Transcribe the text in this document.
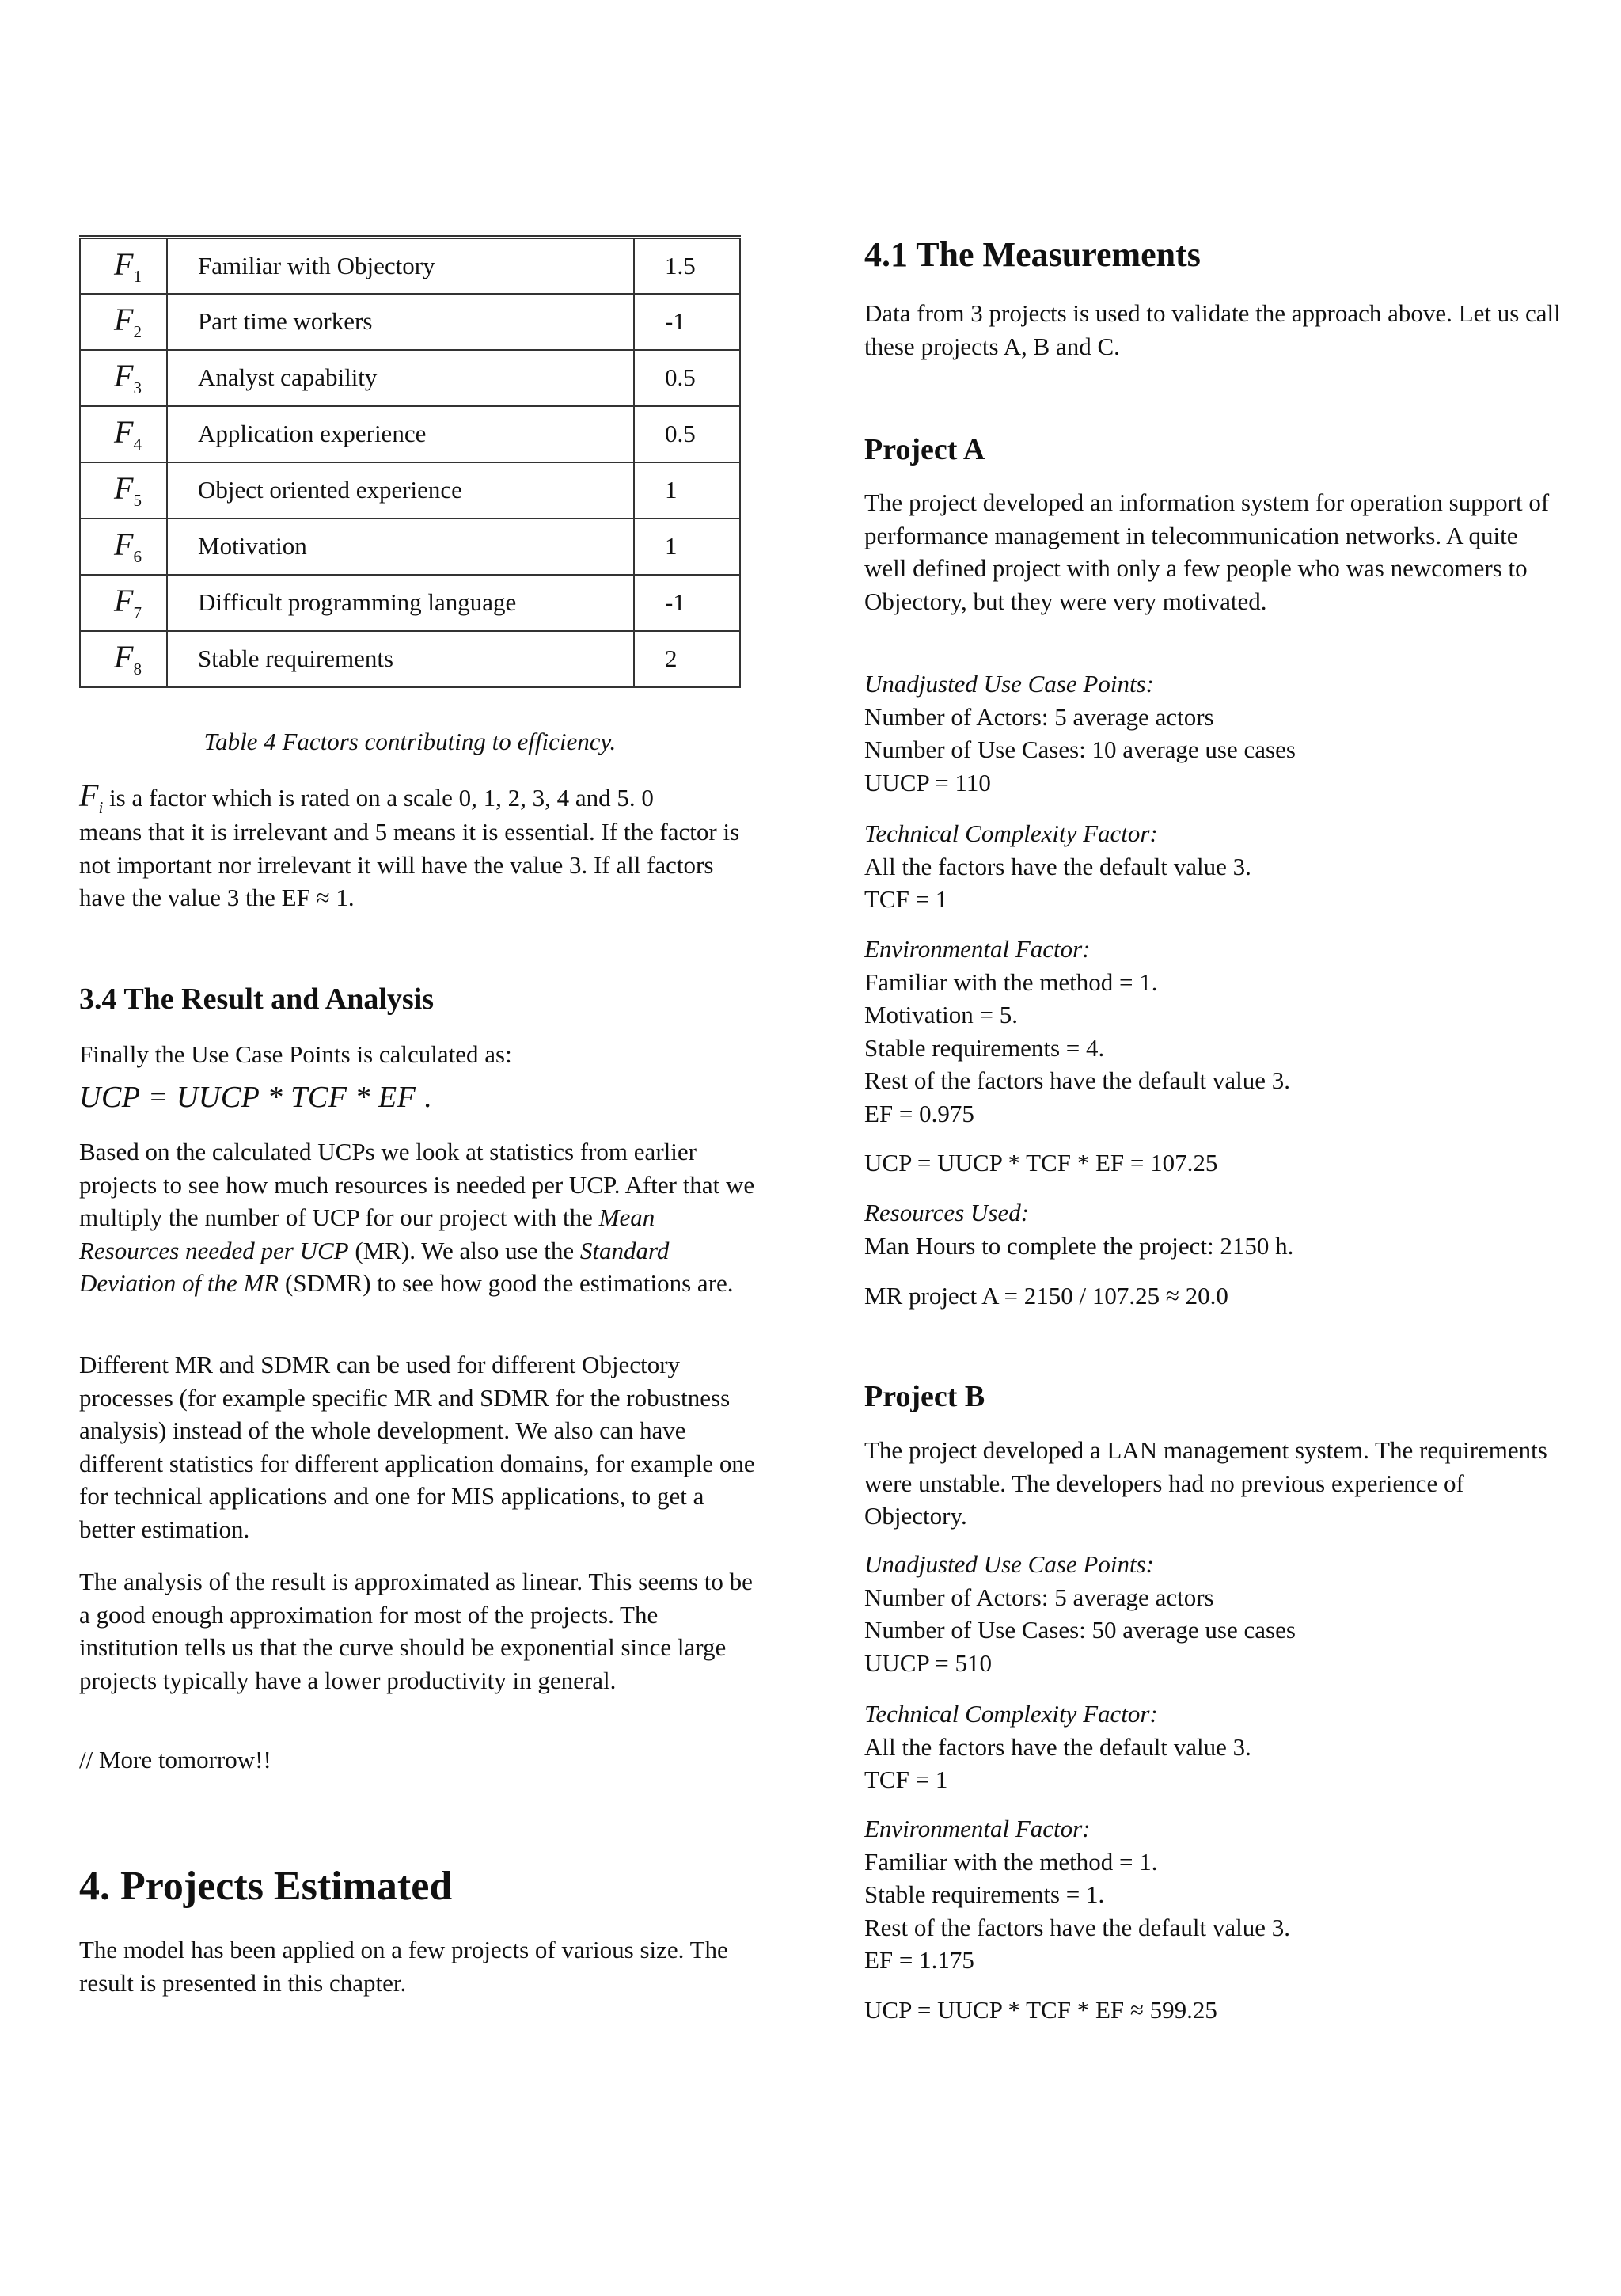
$F_1$	Familiar with Objectory	1.5
$F_2$	Part time workers	-1
$F_3$	Analyst capability	0.5
$F_4$	Application experience	0.5
$F_5$	Object oriented experience	1
$F_6$	Motivation	1
$F_7$	Difficult programming language	-1
$F_8$	Stable requirements	2
Table 4 Factors contributing to efficiency.

$F_i$ is a factor which is rated on a scale 0, 1, 2, 3, 4 and 5. 0

means that it is irrelevant and 5 means it is essential. If the factor is not important nor irrelevant it will have the value 3. If all factors have the value 3 the EF ≈ 1.

3.4 The Result and Analysis

Finally the Use Case Points is calculated as:

UCP = UUCP * TCF * EF .

Based on the calculated UCPs we look at statistics from earlier projects to see how much resources is needed per UCP. After that we multiply the number of UCP for our project with the Mean Resources needed per UCP (MR). We also use the Standard Deviation of the MR (SDMR) to see how good the estimations are.

Different MR and SDMR can be used for different Objectory processes (for example specific MR and SDMR for the robustness analysis) instead of the whole development. We also can have different statistics for different application domains, for example one for technical applications and one for MIS applications, to get a better estimation.

The analysis of the result is approximated as linear. This seems to be a good enough approximation for most of the projects. The institution tells us that the curve should be exponential since large projects typically have a lower productivity in general.

// More tomorrow!!

4. Projects Estimated

The model has been applied on a few projects of various size. The result is presented in this chapter.

4.1 The Measurements

Data from 3 projects is used to validate the approach above. Let us call these projects A, B and C.

Project A

The project developed an information system for operation support of performance management in telecommunication networks. A quite well defined project with only a few people who was newcomers to Objectory, but they were very motivated.

Unadjusted Use Case Points:

Number of Actors: 5 average actors

Number of Use Cases: 10 average use cases

UUCP = 110

Technical Complexity Factor:

All the factors have the default value 3.

TCF = 1

Environmental Factor:

Familiar with the method = 1.

Motivation = 5.

Stable requirements = 4.

Rest of the factors have the default value 3.

EF = 0.975

UCP = UUCP * TCF * EF = 107.25

Resources Used:

Man Hours to complete the project: 2150 h.

MR project A = 2150 / 107.25 ≈ 20.0

Project B

The project developed a LAN management system. The requirements were unstable. The developers had no previous experience of Objectory.

Unadjusted Use Case Points:

Number of Actors: 5 average actors

Number of Use Cases: 50 average use cases

UUCP = 510

Technical Complexity Factor:

All the factors have the default value 3.

TCF = 1

Environmental Factor:

Familiar with the method = 1.

Stable requirements = 1.

Rest of the factors have the default value 3.

EF = 1.175

UCP = UUCP * TCF * EF ≈ 599.25
